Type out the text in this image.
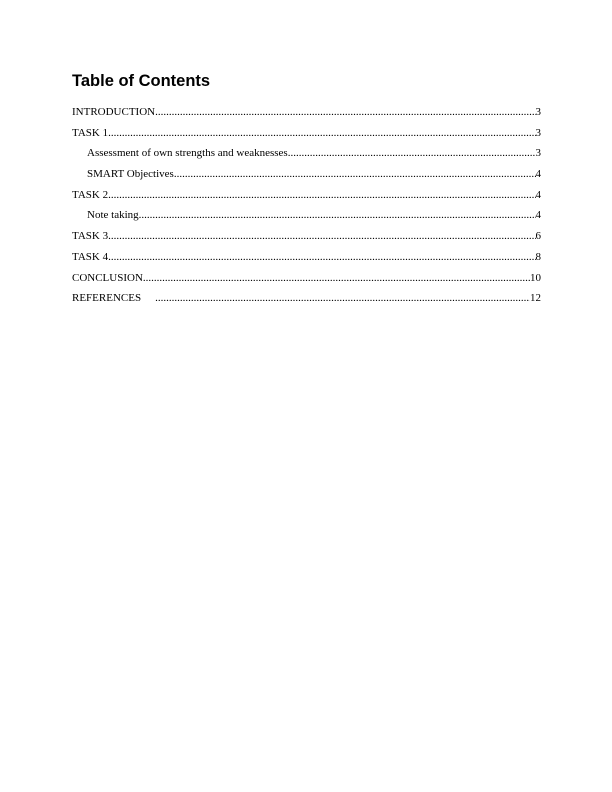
Table of Contents
INTRODUCTION .....	3
TASK 1 .....	3
Assessment of own strengths and weaknesses .....	3
SMART Objectives .....	4
TASK 2 .....	4
Note taking .....	4
TASK 3 .....	6
TASK 4 .....	8
CONCLUSION .....	10
REFERENCES .....	12
